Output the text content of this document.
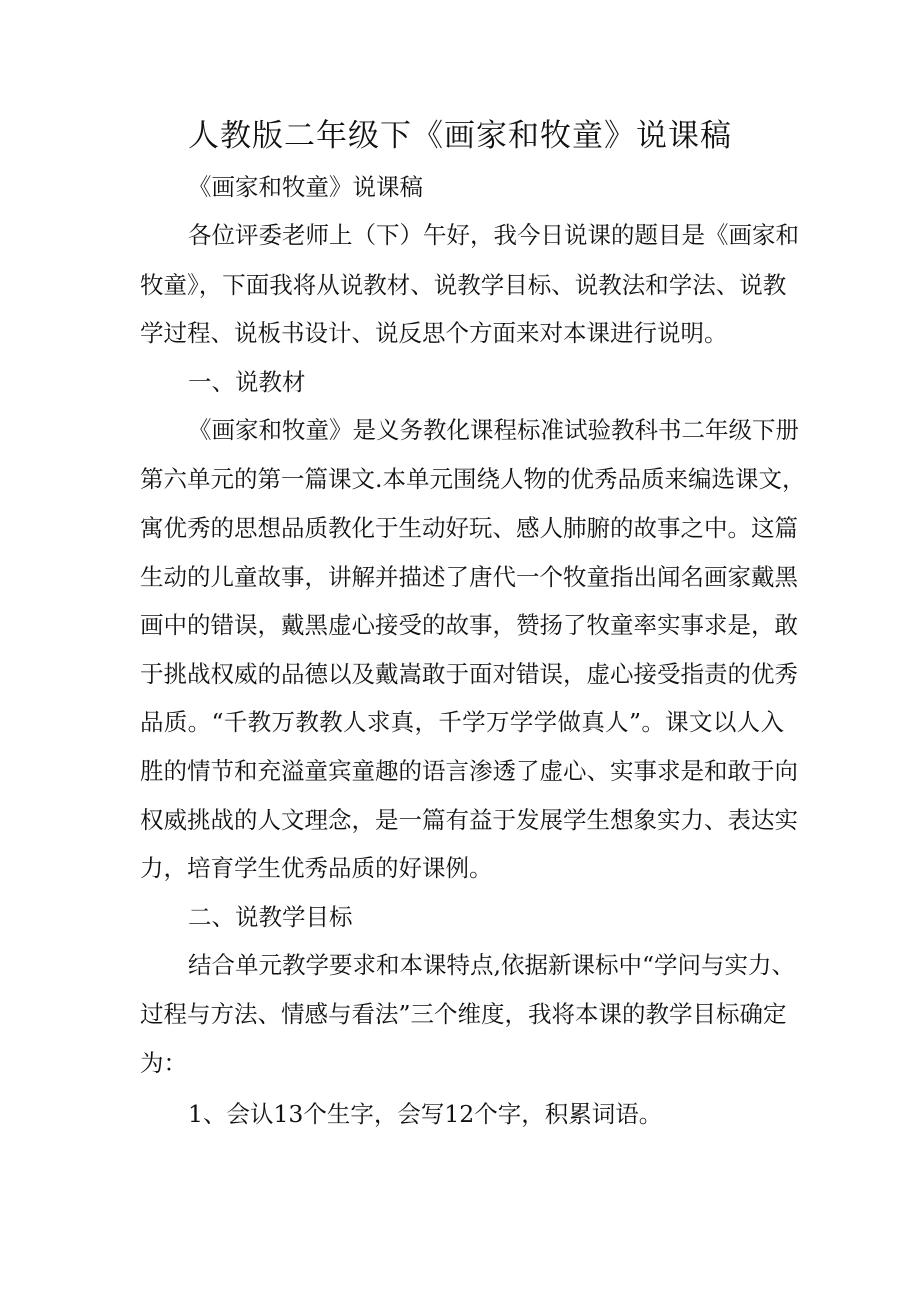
人教版二年级下《画家和牧童》说课稿
《画家和牧童》说课稿
各位评委老师上（下）午好，我今日说课的题目是《画家和
牧童》，下面我将从说教材、说教学目标、说教法和学法、说教
学过程、说板书设计、说反思个方面来对本课进行说明。
一、说教材
《画家和牧童》是义务教化课程标准试验教科书二年级下册
第六单元的第一篇课文.本单元围绕人物的优秀品质来编选课文，
寓优秀的思想品质教化于生动好玩、感人肺腑的故事之中。这篇
生动的儿童故事，讲解并描述了唐代一个牧童指出闻名画家戴黑
画中的错误，戴黑虚心接受的故事，赞扬了牧童率实事求是，敢
于挑战权威的品德以及戴嵩敢于面对错误，虚心接受指责的优秀
品质。“千教万教教人求真，千学万学学做真人”。课文以人入
胜的情节和充溢童宾童趣的语言渗透了虚心、实事求是和敢于向
权威挑战的人文理念，是一篇有益于发展学生想象实力、表达实
力，培育学生优秀品质的好课例。
二、说教学目标
结合单元教学要求和本课特点,依据新课标中“学问与实力、
过程与方法、情感与看法”三个维度，我将本课的教学目标确定
为：
1、会认13个生字，会写12个字，积累词语。
